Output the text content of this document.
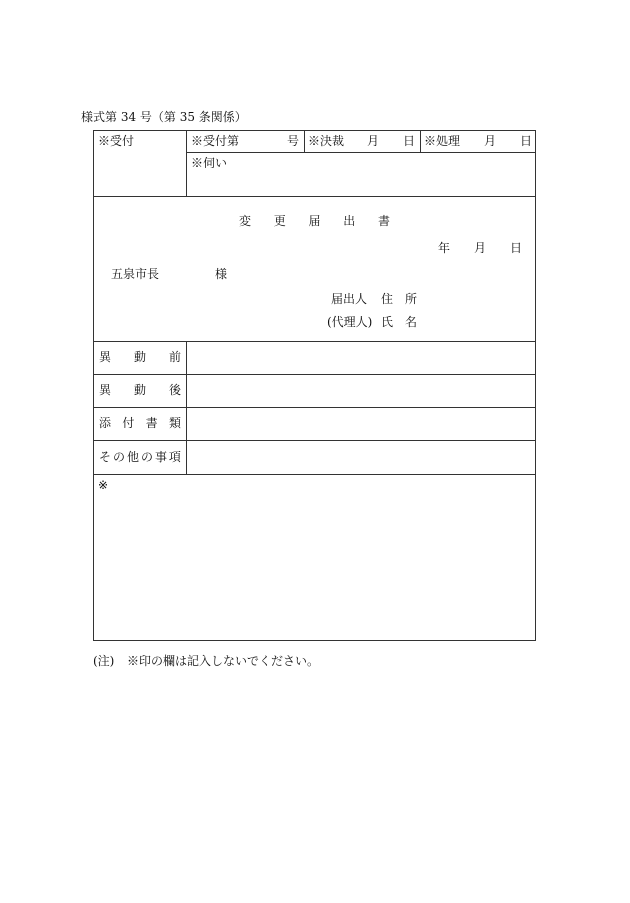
様式第 34 号（第 35 条関係）
※受付	※受付第	号 ※決裁 月 日 ※処理 月 日
※伺い
変 更 届 出 書
年 月 日
五泉市長	様
届出人 住　所
(代理人) 氏　名
異 動 前
異 動 後
添 付 書 類
そ の 他 の 事 項
※
(注) ※印の欄は記入しないでください。
